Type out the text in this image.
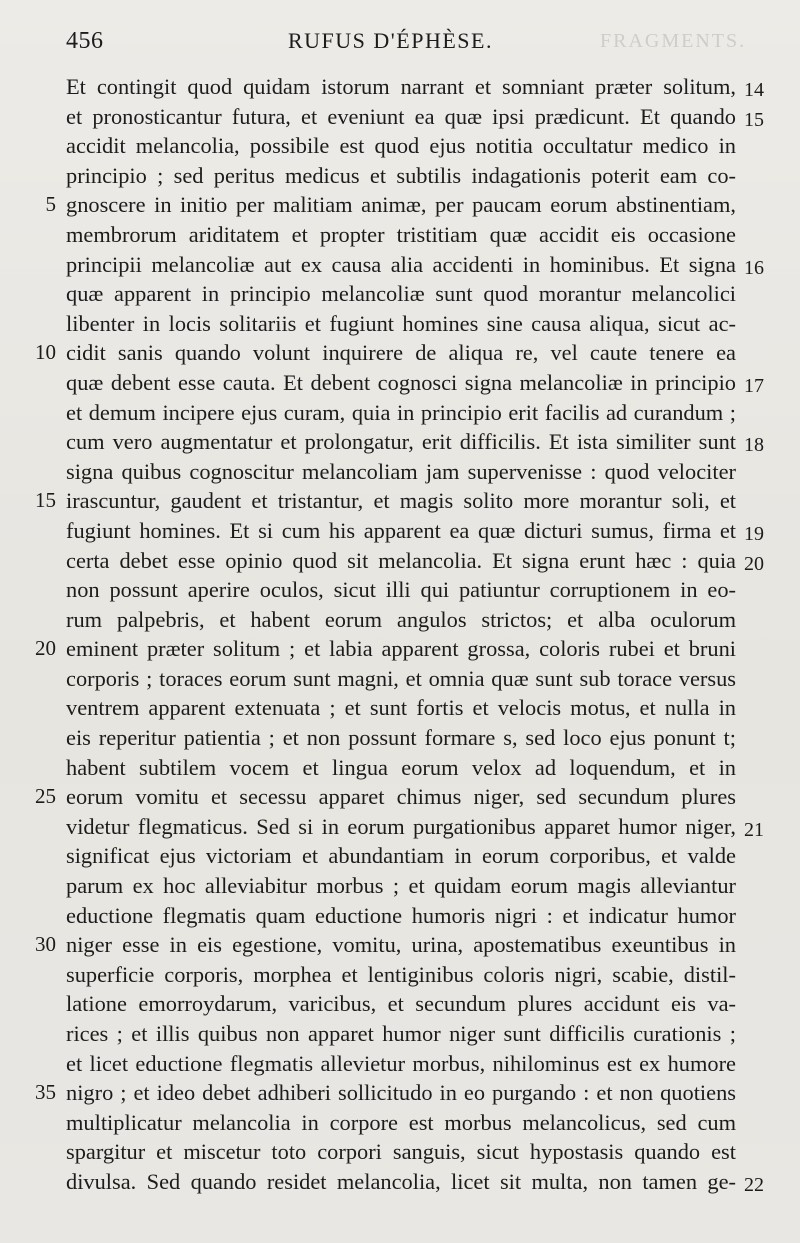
456	RUFUS D'ÉPHÈSE.	FRAGMENTS.
Et contingit quod quidam istorum narrant et somniant præter solitum, 14
et pronosticantur futura, et eveniunt ea quæ ipsi prædicunt. Et quando 15
accidit melancolia, possibile est quod ejus notitia occultatur medico in
principio ; sed peritus medicus et subtilis indagationis poterit eam co-
5 gnoscere in initio per malitiam animæ, per paucam eorum abstinentiam,
membrorum ariditatem et propter tristitiam quæ accidit eis occasione
principii melancoliæ aut ex causa alia accidenti in hominibus. Et signa 16
quæ apparent in principio melancoliæ sunt quod morantur melancolici
libenter in locis solitariis et fugiunt homines sine causa aliqua, sicut ac-
10 cidit sanis quando volunt inquirere de aliqua re, vel caute tenere ea
quæ debent esse cauta. Et debent cognosci signa melancoliæ in principio 17
et demum incipere ejus curam, quia in principio erit facilis ad curandum ;
cum vero augmentatur et prolongatur, erit difficilis. Et ista similiter sunt 18
signa quibus cognoscitur melancoliam jam supervenisse : quod velociter
15 irascuntur, gaudent et tristantur, et magis solito more morantur soli, et
fugiunt homines. Et si cum his apparent ea quæ dicturi sumus, firma et 19
certa debet esse opinio quod sit melancolia. Et signa erunt hæc : quia 20
non possunt aperire oculos, sicut illi qui patiuntur corruptionem in eo-
rum palpebris, et habent eorum angulos strictos; et alba oculorum
20 eminent præter solitum ; et labia apparent grossa, coloris rubei et bruni
corporis ; toraces eorum sunt magni, et omnia quæ sunt sub torace versus
ventrem apparent extenuata ; et sunt fortis et velocis motus, et nulla in
eis reperitur patientia ; et non possunt formare s, sed loco ejus ponunt t;
habent subtilem vocem et lingua eorum velox ad loquendum, et in
25 eorum vomitu et secessu apparet chimus niger, sed secundum plures
videtur flegmaticus. Sed si in eorum purgationibus apparet humor niger, 21
significat ejus victoriam et abundantiam in eorum corporibus, et valde
parum ex hoc alleviabitur morbus ; et quidam eorum magis alleviantur
eductione flegmatis quam eductione humoris nigri : et indicatur humor
30 niger esse in eis egestione, vomitu, urina, apostematibus exeuntibus in
superficie corporis, morphea et lentiginibus coloris nigri, scabie, distil-
latione emorroydarum, varicibus, et secundum plures accidunt eis va-
rices ; et illis quibus non apparet humor niger sunt difficilis curationis ;
et licet eductione flegmatis allevietur morbus, nihilominus est ex humore
35 nigro ; et ideo debet adhiberi sollicitudo in eo purgando : et non quotiens
multiplicatur melancolia in corpore est morbus melancolicus, sed cum
spargitur et miscetur toto corpori sanguis, sicut hypostasis quando est
divulsa. Sed quando residet melancolia, licet sit multa, non tamen ge- 22
